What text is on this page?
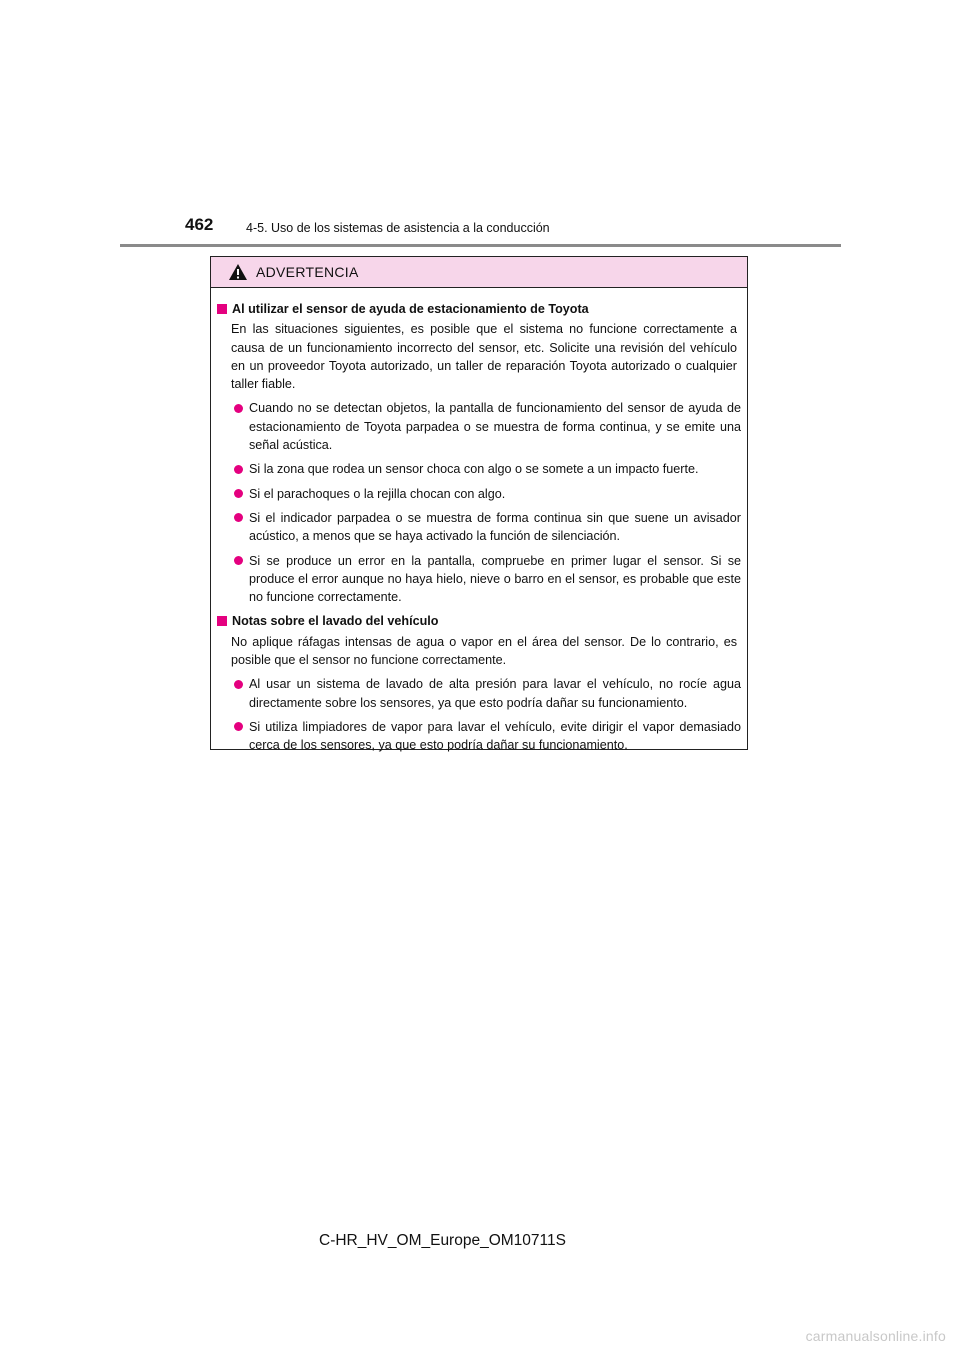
462	4-5. Uso de los sistemas de asistencia a la conducción
ADVERTENCIA
Al utilizar el sensor de ayuda de estacionamiento de Toyota
En las situaciones siguientes, es posible que el sistema no funcione correctamente a causa de un funcionamiento incorrecto del sensor, etc. Solicite una revisión del vehículo en un proveedor Toyota autorizado, un taller de reparación Toyota autorizado o cualquier taller fiable.
Cuando no se detectan objetos, la pantalla de funcionamiento del sensor de ayuda de estacionamiento de Toyota parpadea o se muestra de forma continua, y se emite una señal acústica.
Si la zona que rodea un sensor choca con algo o se somete a un impacto fuerte.
Si el parachoques o la rejilla chocan con algo.
Si el indicador parpadea o se muestra de forma continua sin que suene un avisador acústico, a menos que se haya activado la función de silenciación.
Si se produce un error en la pantalla, compruebe en primer lugar el sensor. Si se produce el error aunque no haya hielo, nieve o barro en el sensor, es probable que este no funcione correctamente.
Notas sobre el lavado del vehículo
No aplique ráfagas intensas de agua o vapor en el área del sensor. De lo contrario, es posible que el sensor no funcione correctamente.
Al usar un sistema de lavado de alta presión para lavar el vehículo, no rocíe agua directamente sobre los sensores, ya que esto podría dañar su funcionamiento.
Si utiliza limpiadores de vapor para lavar el vehículo, evite dirigir el vapor demasiado cerca de los sensores, ya que esto podría dañar su funcionamiento.
C-HR_HV_OM_Europe_OM10711S
carmanualsonline.info
